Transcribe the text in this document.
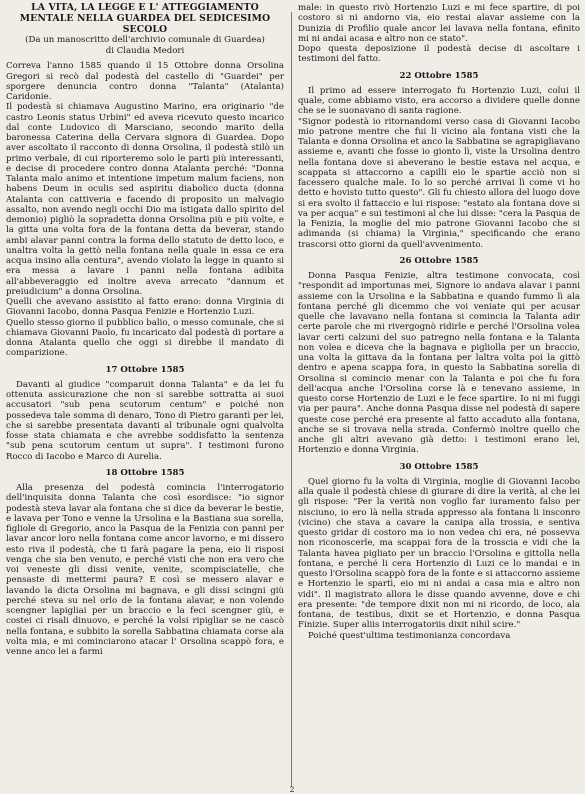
LA VITA, LA LEGGE E L' ATTEGGIAMENTO MENTALE NELLA GUARDEA DEL SEDICESIMO SECOLO
(Da un manoscritto dell'archivio comunale di Guardea)
di Claudia Medori

Correva l'anno 1585 quando il 15 Ottobre donna Orsolina Gregori si recò dal podestà del castello di "Guardei" per sporgere denuncia contro donna "Talanta" (Atalanta) Caridonie.

Il podestà si chiamava Augustino Marino, era originario "de castro Leonis status Urbini" ed aveva ricevuto questo incarico dal conte Ludovico di Marsciano, secondo marito della baronessa Caterina della Cervara signora di Guardea. Dopo aver ascoltato il racconto di donna Orsolina, il podestà stilò un primo verbale, di cui riporteremo solo le parti più interessanti, e decise di procedere contro donna Atalanta perché: "Donna Talanta malo animo et intentione impetum malum faciens, non habens Deum in oculis sed aspiritu diabolico ducta (donna Atalanta con cattiveria e facendo di proposito un malvagio assalto, non avendo negli occhi Dio ma istigata dallo spirito del demonio) pigliò la sopradetta donna Orsolina più e più volte, e la gitta una volta fora de la fontana detta da beverar, stando ambi alavar panni contra la forma dello statuto de detto loco, e unaltra volta la gettò nella fontana nella quale in essa ce era acqua insino alla centura", avendo violato la legge in quanto si era messa a lavare i panni nella fontana adibita all'abbeveraggio ed inoltre aveva arrecato "dannum et preiudicium" a donna Orsolina.

Quelli che avevano assistito al fatto erano: donna Virginia di Giovanni Iacobo, donna Pasqua Fenizie e Hortenzio Luzi.

Quello stesso giorno il pubblico balio, o messo comunale, che si chiamava Giovanni Paolo, fu incaricato dal podestà di portare a donna Atalanta quello che oggi si direbbe il mandato di comparizione.

17 Ottobre 1585

Davanti al giudice "comparuit donna Talanta" e da lei fu ottenuta assicurazione che non si sarebbe sottratta ai suoi accusatori "sub pena scutorum centum" e poiché non possedeva tale somma di denaro, Tono di Pietro garantì per lei, che si sarebbe presentata davanti al tribunale ogni qualvolta fosse stata chiamata e che avrebbe soddisfatto la sentenza "sub pena scutorum centum ut supra". I testimoni furono Rocco di Iacobo e Marco di Aurelia.

18 Ottobre 1585

Alla presenza del podestà comincia l'interrogatorio dell'inquisita donna Talanta che così esordisce: "io signor podestà steva lavar ala fontana che si dice da beverar le bestie, e lavava per Tono e venne la Ursolina e la Bastiana sua sorella, figliole di Gregorio, anco la Pasqua de la Fenizia con panni per lavar ancor loro nella fontana come ancor lavorno, e mi dissero esto riva il podestà, che ti farà pagare la pena, eio li risposi venga che sia ben venuto, e perché visti che non era vero che voi veneste gli dissi venite, venite, scompisciatelle, che pensaste di mettermi paura? E così se messero alavar e lavando la dicta Orsolina mi bagnava, e gli dissi scingni giù perché steva su nel orlo de la fontana alavar, e non volendo scengner lapigliai per un braccio e la feci scengner giù, e costei ci risali dinuovo, e perché la volsi ripigliar se ne cascò nella fontana, e subbito la sorella Sabbatina chiamata corse ala volta mia, e mi cominciarono atacar l' Orsolina scappò fora, e venne anco lei a farmi

male: in questo rivò Hortenzio Luzi e mi fece spartire, di poi costoro si ni andorno via, eio restai alavar assieme con la Dunizia di Profilio quale ancor lei lavava nella fontana, efinito mi ni andai acasa e altro non ce stato".

Dopo questa deposizione il podestà decise di ascoltare i testimoni del fatto.

22 Ottobre 1585

Il primo ad essere interrogato fu Hortenzio Luzi, colui il quale, come abbiamo visto, era accorso a dividere quelle donne che se le suonavano di santa ragione.

"Signor podestà io ritornandomi verso casa di Giovanni Iacobo mio patrone mentre che fui li vicino ala fontana visti che la Talanta e donna Orsolina et anco la Sabbatina se agrapigliavano assieme e, avanti che fosse io gionto lì, viste la Ursolina dentro nella fontana dove si abeverano le bestie estava nel acqua, e scappata si attaccorno a capilli eio le spartie acciò non si facessero qualche male. Io lo so perché arrivai lì come vi ho detto e hovisto tutto questo". Gli fu chiesto allora del luogo dove si era svolto il fattaccio e lui rispose: "estato ala fontana dove si va per acqua" e sui testimoni al che lui disse: "cera la Pasqua de la Fenizia, la moglie del mio patrone Giovanni Iacobo che si adimanda (si chiama) la Virginia," specificando che erano trascorsi otto giorni da quell'avvenimento.

26 Ottobre 1585

Donna Pasqua Fenizie, altra testimone convocata, così "respondit ad importunas mei, Signore io andava alavar i panni assieme con la Ursolina e la Sabbatina e quando fummo lì ala fontana perché gli dicemmo che voi veniate qui per acusar quelle che lavavano nella fontana si comincia la Talanta adir certe parole che mi rivergognò ridirle e perché l'Orsolina volea lavar certi calzuni del suo patregno nella fontana e la Talanta non volea e diceva che la bagnava e pigliolla per un braccio, una volta la gittava da la fontana per laltra volta poi la gittò dentro e apena scappa fora, in questo la Sabbatina sorella di Orsolina si comincio menar con la Talanta e poi che fu fora dell'acqua anche l'Orsolina corse là e tenevano assieme, in questo corse Hortenzio de Luzi e le fece spartire. Io ni mi fuggì via per paura". Anche donna Pasqua disse nel podestà di sapere queste cose perché era presente al fatto accaduto alla fontana, anche se si trovava nella strada. Confermò inoltre quello che anche gli altri avevano già detto: i testimoni erano lei, Hortenzio e donna Virginia.

30 Ottobre 1585

Quel giorno fu la volta di Virginia, moglie di Giovanni Iacobo alla quale il podestà chiese di giurare di dire la verità, al che lei gli rispose: "Per la verità non voglio far iuramento falso per nisciuno, io ero là nella strada appresso ala fontana li insconro (vicino) che stava a cavare la canipa alla trossia, e sentiva questo gridar di costoro ma io non vedea chi era, né possevva non riconoscerle, ma scappai fora de la trosscia e vidi che la Talanta havea pigliato per un braccio l'Orsolina e gittolla nella fontana, e perché li cera Hortenzio di Luzi ce lo mandai e in questo l'Orsolina scappò fora de la fonte e si attaccorno assieme e Hortenzio le spartì, eio mi ni andai a casa mia e altro non vidi". Il magistrato allora le disse quando avvenne, dove e chi era presente: "de tempore dixit non mi ni ricordo, de loco, ala fontana, de testibus, dixit se et Hortenzio, e donna Pasqua Finizie. Super aliis interrogatoriis dixit nihil scire."

Poiché quest'ultima testimonianza concordava

2
